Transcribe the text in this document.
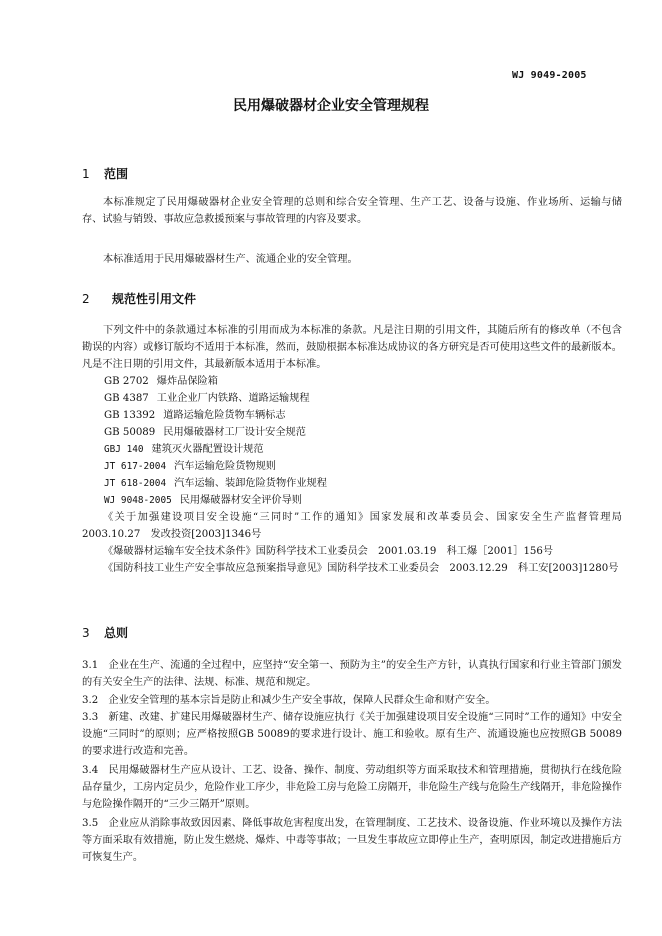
WJ 9049-2005
民用爆破器材企业安全管理规程
1 范围
本标准规定了民用爆破器材企业安全管理的总则和综合安全管理、生产工艺、设备与设施、作业场所、运输与储存、试验与销毁、事故应急救援预案与事故管理的内容及要求。
本标准适用于民用爆破器材生产、流通企业的安全管理。
2 规范性引用文件
下列文件中的条款通过本标准的引用而成为本标准的条款。凡是注日期的引用文件，其随后所有的修改单（不包含勘误的内容）或修订版均不适用于本标准，然而，鼓励根据本标准达成协议的各方研究是否可使用这些文件的最新版本。凡是不注日期的引用文件，其最新版本适用于本标准。
GB 2702 爆炸品保险箱
GB 4387 工业企业厂内铁路、道路运输规程
GB 13392 道路运输危险货物车辆标志
GB 50089 民用爆破器材工厂设计安全规范
GBJ 140 建筑灭火器配置设计规范
JT 617-2004 汽车运输危险货物规则
JT 618-2004 汽车运输、装卸危险货物作业规程
WJ 9048-2005 民用爆破器材安全评价导则
《关于加强建设项目安全设施“三同时”工作的通知》国家发展和改革委员会、国家安全生产监督管理局　2003.10.27　发改投资[2003]1346号
《爆破器材运输车安全技术条件》国防科学技术工业委员会　2001.03.19　科工爆［2001］156号
《国防科技工业生产安全事故应急预案指导意见》国防科学技术工业委员会　2003.12.29　科工安[2003]1280号
3 总则
3.1　企业在生产、流通的全过程中，应坚持“安全第一、预防为主”的安全生产方针，认真执行国家和行业主管部门颁发的有关安全生产的法律、法规、标准、规范和规定。
3.2　企业安全管理的基本宗旨是防止和减少生产安全事故，保障人民群众生命和财产安全。
3.3　新建、改建、扩建民用爆破器材生产、储存设施应执行《关于加强建设项目安全设施“三同时”工作的通知》中安全设施“三同时”的原则；应严格按照GB 50089的要求进行设计、施工和验收。原有生产、流通设施也应按照GB 50089的要求进行改造和完善。
3.4　民用爆破器材生产应从设计、工艺、设备、操作、制度、劳动组织等方面采取技术和管理措施，贯彻执行在线危险品存量少，工房内定员少，危险作业工序少，非危险工房与危险工房隔开，非危险生产线与危险生产线隔开，非危险操作与危险操作隔开的“三少三隔开”原则。
3.5　企业应从消除事故致因因素、降低事故危害程度出发，在管理制度、工艺技术、设备设施、作业环境以及操作方法等方面采取有效措施，防止发生燃烧、爆炸、中毒等事故；一旦发生事故应立即停止生产，查明原因，制定改进措施后方可恢复生产。
